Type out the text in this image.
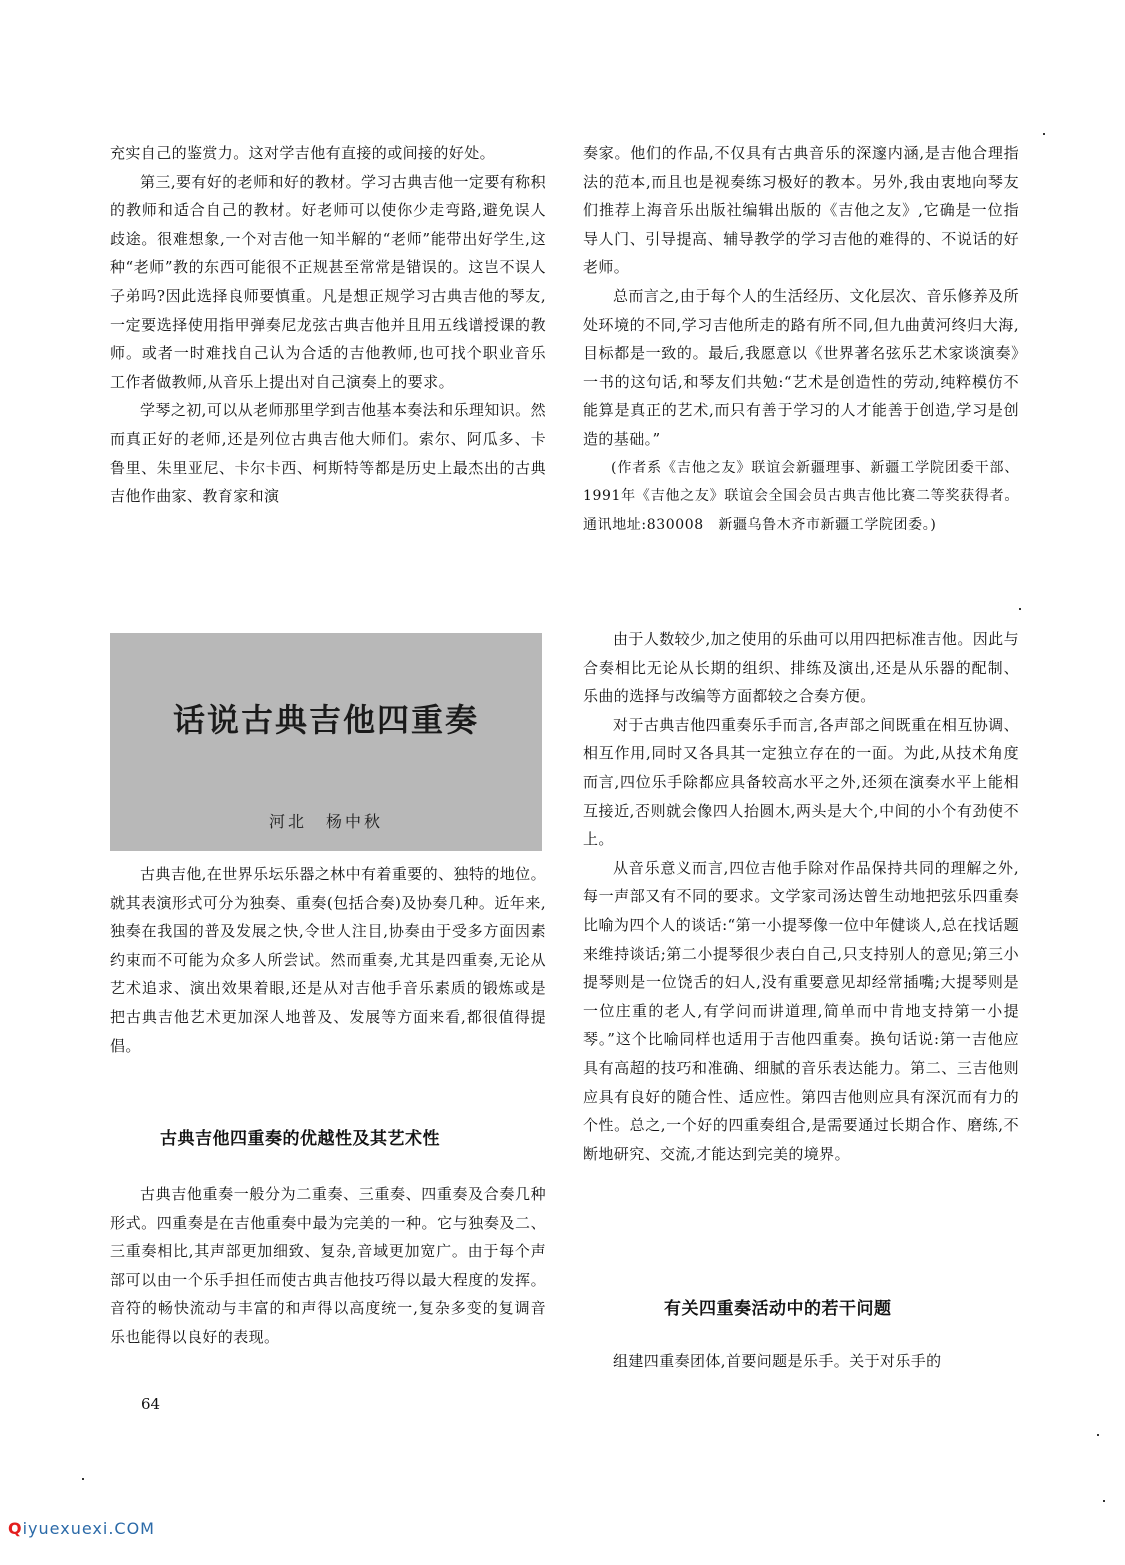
充实自己的鉴赏力。这对学吉他有直接的或间接的好处。

第三,要有好的老师和好的教材。学习古典吉他一定要有称积的教师和适合自己的教材。好老师可以使你少走弯路,避免误人歧途。很难想象,一个对吉他一知半解的“老师”能带出好学生,这种“老师”教的东西可能很不正规甚至常常是错误的。这岂不误人子弟吗?因此选择良师要慎重。凡是想正规学习古典吉他的琴友,一定要选择使用指甲弹奏尼龙弦古典吉他并且用五线谱授课的教师。或者一时难找自己认为合适的吉他教师,也可找个职业音乐工作者做教师,从音乐上提出对自己演奏上的要求。

学琴之初,可以从老师那里学到吉他基本奏法和乐理知识。然而真正好的老师,还是列位古典吉他大师们。索尔、阿瓜多、卡鲁里、朱里亚尼、卡尔卡西、柯斯特等都是历史上最杰出的古典吉他作曲家、教育家和演

奏家。他们的作品,不仅具有古典音乐的深邃内涵,是吉他合理指法的范本,而且也是视奏练习极好的教本。另外,我由衷地向琴友们推荐上海音乐出版社编辑出版的《吉他之友》,它确是一位指导人门、引导提高、辅导教学的学习吉他的难得的、不说话的好老师。

总而言之,由于每个人的生活经历、文化层次、音乐修养及所处环境的不同,学习吉他所走的路有所不同,但九曲黄河终归大海,目标都是一致的。最后,我愿意以《世界著名弦乐艺术家谈演奏》一书的这句话,和琴友们共勉:“艺术是创造性的劳动,纯粹模仿不能算是真正的艺术,而只有善于学习的人才能善于创造,学习是创造的基础。”

(作者系《吉他之友》联谊会新疆理事、新疆工学院团委干部、1991年《吉他之友》联谊会全国会员古典吉他比赛二等奖获得者。通讯地址:830008　新疆乌鲁木齐市新疆工学院团委。)

话说古典吉他四重奏
河北　杨中秋

古典吉他,在世界乐坛乐器之林中有着重要的、独特的地位。就其表演形式可分为独奏、重奏(包括合奏)及协奏几种。近年来,独奏在我国的普及发展之快,令世人注目,协奏由于受多方面因素约束而不可能为众多人所尝试。然而重奏,尤其是四重奏,无论从艺术追求、演出效果着眼,还是从对吉他手音乐素质的锻炼或是把古典吉他艺术更加深人地普及、发展等方面来看,都很值得提倡。

古典吉他四重奏的优越性及其艺术性

古典吉他重奏一般分为二重奏、三重奏、四重奏及合奏几种形式。四重奏是在吉他重奏中最为完美的一种。它与独奏及二、三重奏相比,其声部更加细致、复杂,音域更加宽广。由于每个声部可以由一个乐手担任而使古典吉他技巧得以最大程度的发挥。音符的畅快流动与丰富的和声得以高度统一,复杂多变的复调音乐也能得以良好的表现。

由于人数较少,加之使用的乐曲可以用四把标准吉他。因此与合奏相比无论从长期的组织、排练及演出,还是从乐器的配制、乐曲的选择与改编等方面都较之合奏方便。

对于古典吉他四重奏乐手而言,各声部之间既重在相互协调、相互作用,同时又各具其一定独立存在的一面。为此,从技术角度而言,四位乐手除都应具备较高水平之外,还须在演奏水平上能相互接近,否则就会像四人抬圆木,两头是大个,中间的小个有劲使不上。

从音乐意义而言,四位吉他手除对作品保持共同的理解之外,每一声部又有不同的要求。文学家司汤达曾生动地把弦乐四重奏比喻为四个人的谈话:“第一小提琴像一位中年健谈人,总在找话题来维持谈话;第二小提琴很少表白自己,只支持别人的意见;第三小提琴则是一位饶舌的妇人,没有重要意见却经常插嘴;大提琴则是一位庄重的老人,有学问而讲道理,简单而中肯地支持第一小提琴。”这个比喻同样也适用于吉他四重奏。换句话说:第一吉他应具有高超的技巧和准确、细腻的音乐表达能力。第二、三吉他则应具有良好的随合性、适应性。第四吉他则应具有深沉而有力的个性。总之,一个好的四重奏组合,是需要通过长期合作、磨练,不断地研究、交流,才能达到完美的境界。

有关四重奏活动中的若干问题

组建四重奏团体,首要问题是乐手。关于对乐手的

64
Qiyuexuexi.COM
